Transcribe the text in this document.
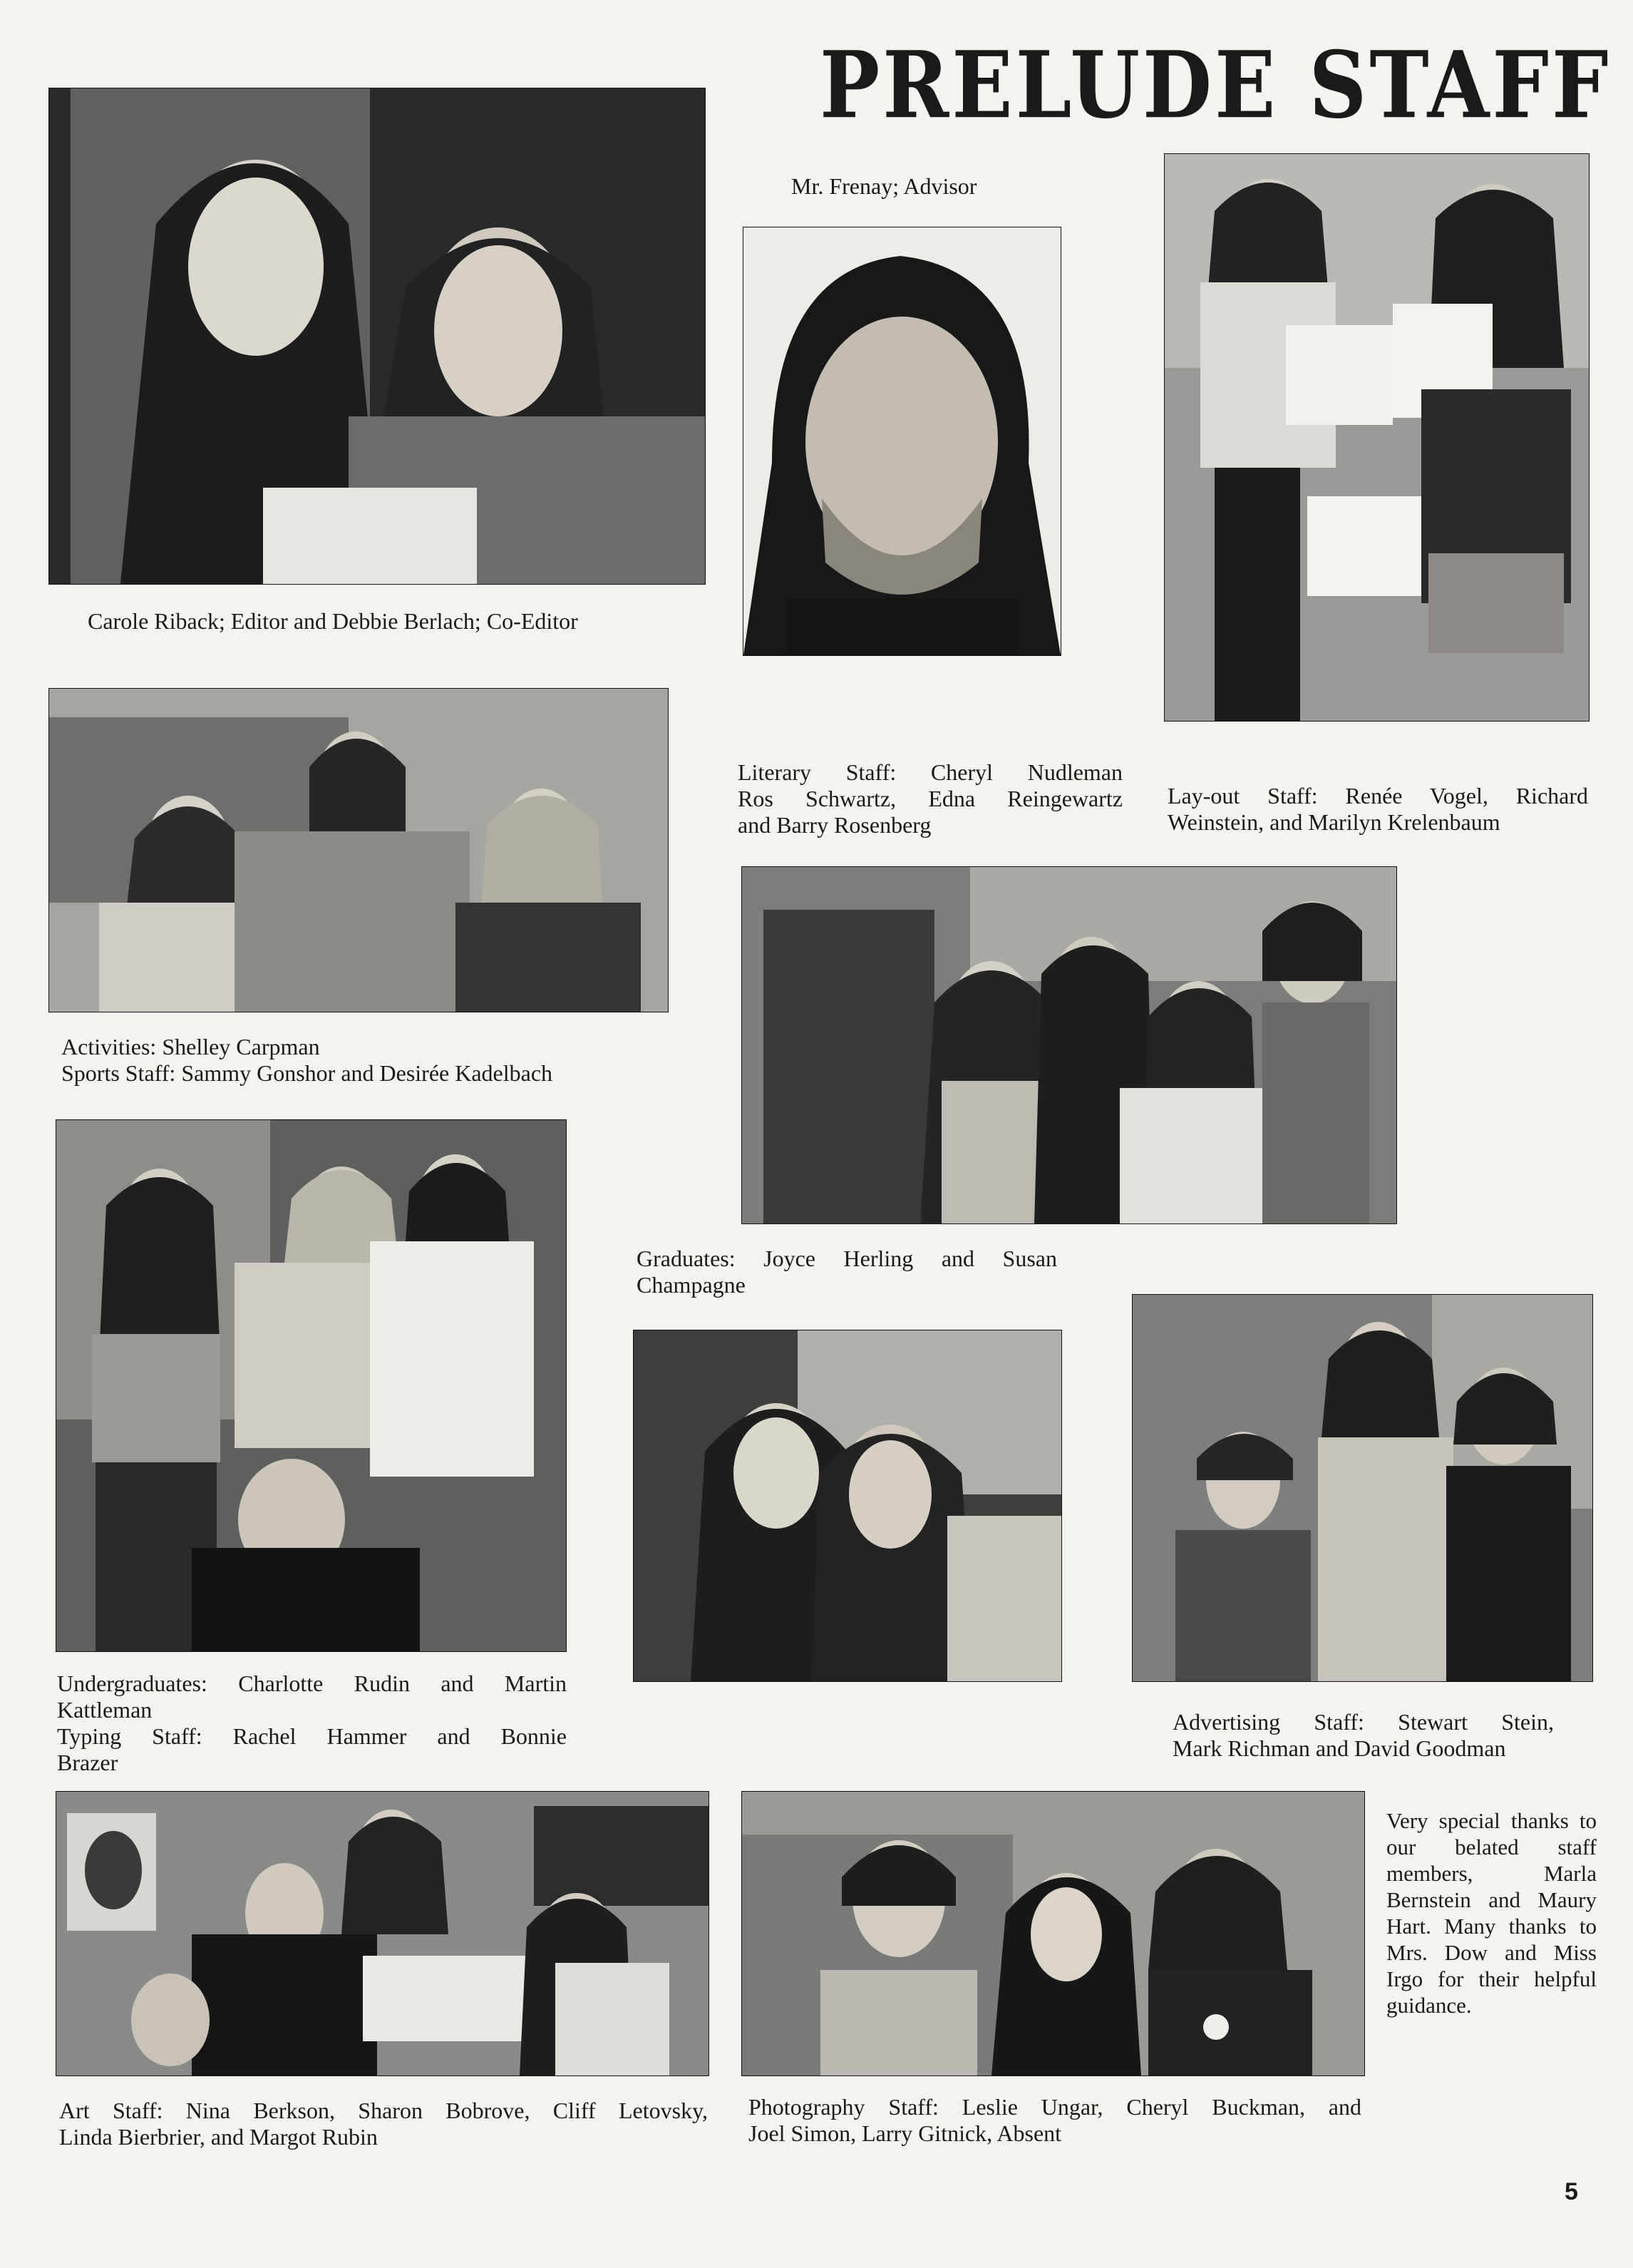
PRELUDE STAFF

Carole Riback; Editor and Debbie Berlach; Co-Editor

Mr. Frenay; Advisor

Literary Staff: Cheryl Nudleman
Ros Schwartz, Edna Reingewartz
and Barry Rosenberg

Lay-out Staff: Renée Vogel, Richard
Weinstein, and Marilyn Krelenbaum

Activities: Shelley Carpman
Sports Staff: Sammy Gonshor and Desirée Kadelbach

Graduates: Joyce Herling and Susan
Champagne

Undergraduates: Charlotte Rudin and Martin
Kattleman
Typing Staff: Rachel Hammer and Bonnie
Brazer

Advertising Staff: Stewart Stein,
Mark Richman and David Goodman

Art Staff: Nina Berkson, Sharon Bobrove, Cliff Letovsky,
Linda Bierbrier, and Margot Rubin

Photography Staff: Leslie Ungar, Cheryl Buckman, and
Joel Simon, Larry Gitnick, Absent

Very special thanks to our belated staff members, Marla Bernstein and Maury Hart. Many thanks to Mrs. Dow and Miss Irgo for their helpful guidance.
5
